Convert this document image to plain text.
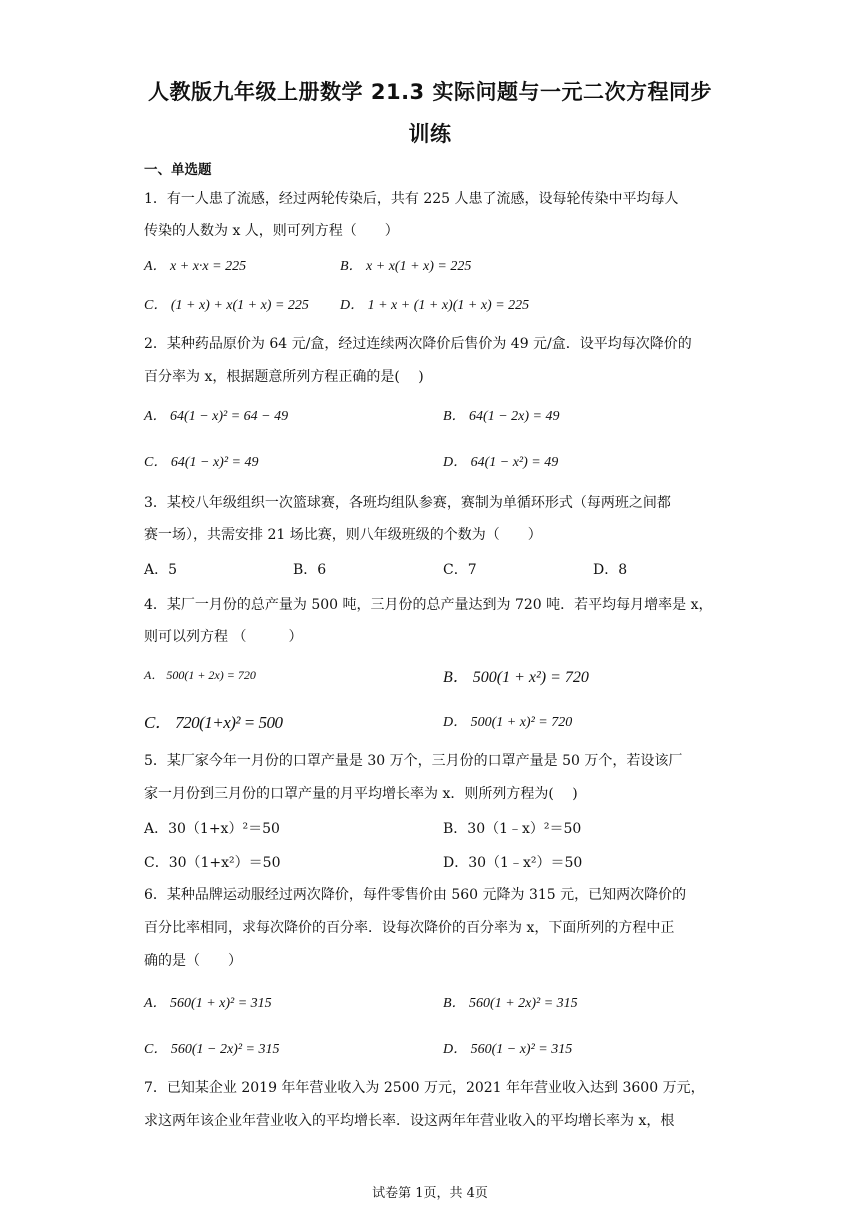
人教版九年级上册数学 21.3 实际问题与一元二次方程同步
训练
一、单选题
1．有一人患了流感，经过两轮传染后，共有 225 人患了流感，设每轮传染中平均每人
传染的人数为 x 人，则可列方程（　　）
A． x + x·x = 225	B． x + x(1 + x) = 225
C． (1 + x) + x(1 + x) = 225 D． 1 + x + (1 + x)(1 + x) = 225
2．某种药品原价为 64 元/盒，经过连续两次降价后售价为 49 元/盒．设平均每次降价的
百分率为 x，根据题意所列方程正确的是(　 )
A． 64(1 − x)² = 64 − 49	B． 64(1 − 2x) = 49
C． 64(1 − x)² = 49	D． 64(1 − x²) = 49
3．某校八年级组织一次篮球赛，各班均组队参赛，赛制为单循环形式（每两班之间都
赛一场），共需安排 21 场比赛，则八年级班级的个数为（　　）
A．5	B．6	C．7	D．8
4．某厂一月份的总产量为 500 吨，三月份的总产量达到为 720 吨．若平均每月增率是 x，
则可以列方程 （　　　）
A． 500(1 + 2x) = 720	B． 500(1 + x²) = 720
C． 720(1+x)² = 500	D． 500(1 + x)² = 720
5．某厂家今年一月份的口罩产量是 30 万个，三月份的口罩产量是 50 万个，若设该厂
家一月份到三月份的口罩产量的月平均增长率为 x．则所列方程为(　 )
A．30（1+x）²＝50	B．30（1﹣x）²＝50
C．30（1+x²）＝50	D．30（1﹣x²）＝50
6．某种品牌运动服经过两次降价，每件零售价由 560 元降为 315 元，已知两次降价的
百分比率相同，求每次降价的百分率．设每次降价的百分率为 x，下面所列的方程中正
确的是（　　）
A． 560(1 + x)² = 315	B． 560(1 + 2x)² = 315
C． 560(1 − 2x)² = 315	D． 560(1 − x)² = 315
7．已知某企业 2019 年年营业收入为 2500 万元，2021 年年营业收入达到 3600 万元，
求这两年该企业年营业收入的平均增长率．设这两年年营业收入的平均增长率为 x，根
试卷第 1页，共 4页
